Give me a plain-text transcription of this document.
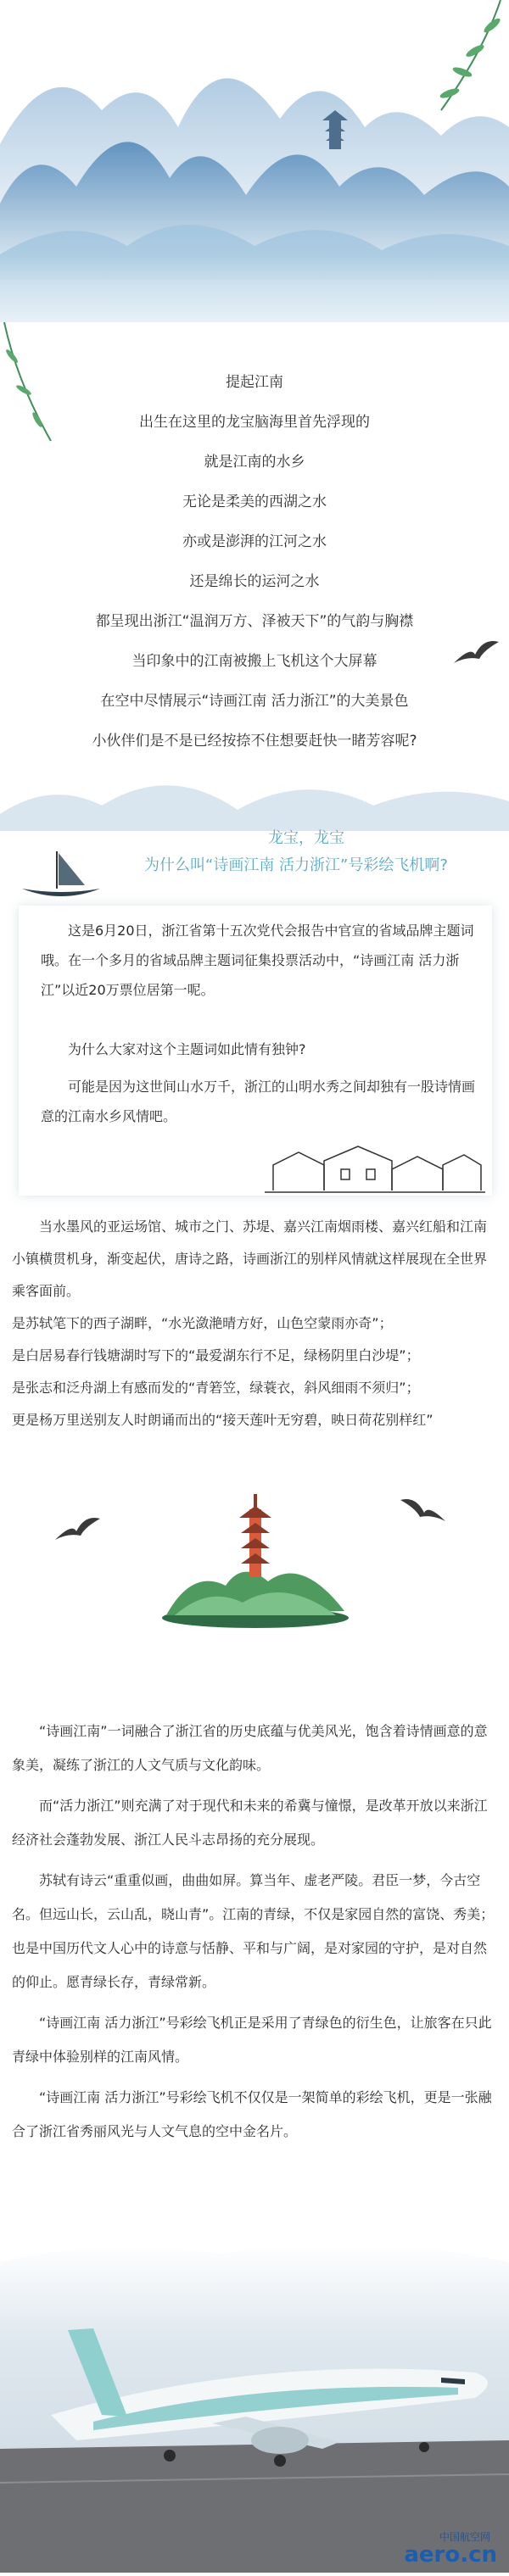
提起江南
出生在这里的龙宝脑海里首先浮现的
就是江南的水乡
无论是柔美的西湖之水
亦或是澎湃的江河之水
还是绵长的运河之水
都呈现出浙江“温润万方、泽被天下”的气韵与胸襟
当印象中的江南被搬上飞机这个大屏幕
在空中尽情展示“诗画江南 活力浙江”的大美景色
小伙伴们是不是已经按捺不住想要赶快一睹芳容呢?
龙宝，龙宝
为什么叫“诗画江南 活力浙江”号彩绘飞机啊?

这是6月20日，浙江省第十五次党代会报告中官宣的省域品牌主题词哦。在一个多月的省域品牌主题词征集投票活动中，“诗画江南 活力浙江”以近20万票位居第一呢。

为什么大家对这个主题词如此情有独钟?

可能是因为这世间山水万千，浙江的山明水秀之间却独有一股诗情画意的江南水乡风情吧。

当水墨风的亚运场馆、城市之门、苏堤、嘉兴江南烟雨楼、嘉兴红船和江南小镇横贯机身，渐变起伏，唐诗之路，诗画浙江的别样风情就这样展现在全世界乘客面前。

是苏轼笔下的西子湖畔，“水光潋滟晴方好，山色空蒙雨亦奇”；

是白居易春行钱塘湖时写下的“最爱湖东行不足，绿杨阴里白沙堤”；

是张志和泛舟湖上有感而发的“青箬笠，绿蓑衣，斜风细雨不须归”；

更是杨万里送别友人时朗诵而出的“接天莲叶无穷碧，映日荷花别样红”

“诗画江南”一词融合了浙江省的历史底蕴与优美风光，饱含着诗情画意的意象美，凝练了浙江的人文气质与文化韵味。

而“活力浙江”则充满了对于现代和未来的希冀与憧憬，是改革开放以来浙江经济社会蓬勃发展、浙江人民斗志昂扬的充分展现。

苏轼有诗云“重重似画，曲曲如屏。算当年、虚老严陵。君臣一梦，今古空名。但远山长，云山乱，晓山青”。江南的青绿，不仅是家园自然的富饶、秀美；也是中国历代文人心中的诗意与恬静、平和与广阔，是对家园的守护，是对自然的仰止。愿青绿长存，青绿常新。

“诗画江南 活力浙江”号彩绘飞机正是采用了青绿色的衍生色，让旅客在只此青绿中体验别样的江南风情。

“诗画江南 活力浙江”号彩绘飞机不仅仅是一架简单的彩绘飞机，更是一张融合了浙江省秀丽风光与人文气息的空中金名片。

中国航空网
aero.cn
